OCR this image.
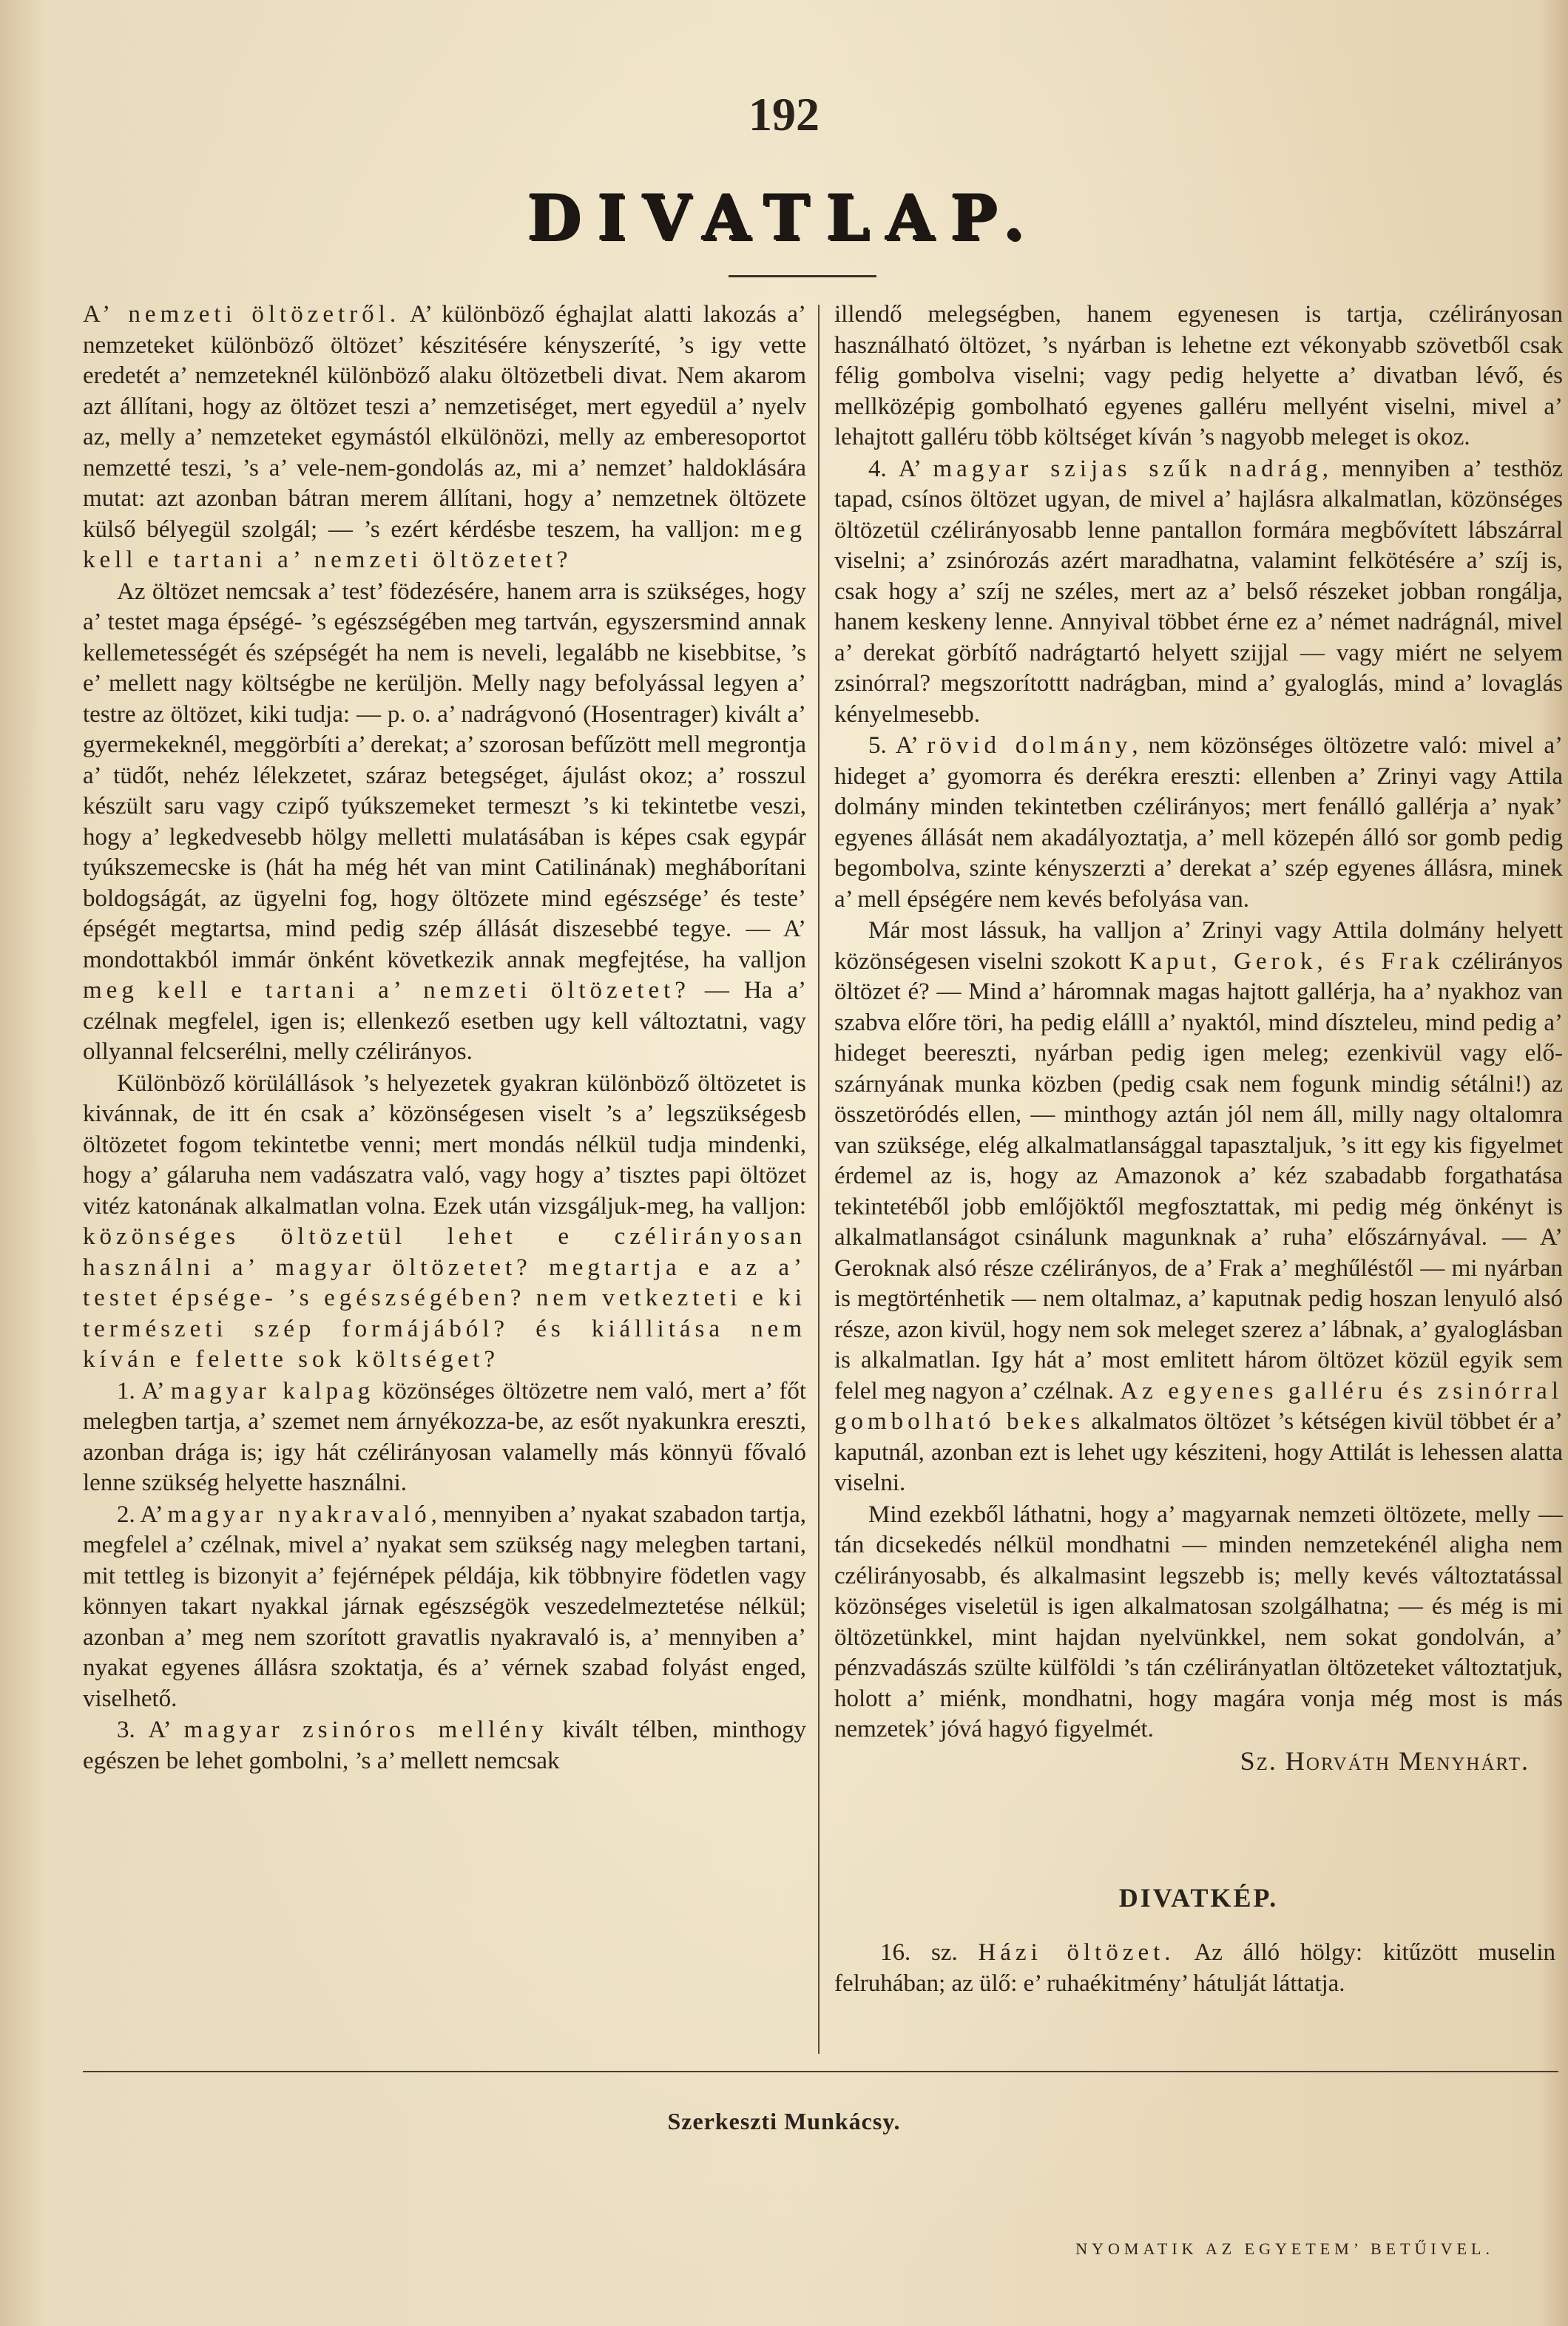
192
DIVATLAP.

A’ nemzeti öltözetről. A’ különböző éghajlat alatti lakozás a’ nemzeteket különböző öltözet’ készitésére kényszeríté, ’s igy vette eredetét a’ nemzeteknél különböző alaku öltözetbeli divat. Nem akarom azt állítani, hogy az öltözet teszi a’ nemzetiséget, mert egyedül a’ nyelv az, melly a’ nemzeteket egymástól elkülönözi, melly az emberesoportot nemzetté teszi, ’s a’ vele-nem-gondolás az, mi a’ nemzet’ haldoklására mutat: azt azonban bátran merem állítani, hogy a’ nemzetnek öltözete külső bélyegül szolgál; — ’s ezért kérdésbe teszem, ha valljon: meg kell e tartani a’ nemzeti öltözetet?

Az öltözet nemcsak a’ test’ födezésére, hanem arra is szükséges, hogy a’ testet maga épségé- ’s egészségében meg tartván, egyszersmind annak kellemetességét és szépségét ha nem is neveli, legalább ne kisebbitse, ’s e’ mellett nagy költségbe ne kerüljön. Melly nagy befolyással legyen a’ testre az öltözet, kiki tudja: — p. o. a’ nadrágvonó (Hosentrager) kivált a’ gyermekeknél, meggörbíti a’ derekat; a’ szorosan befűzött mell megrontja a’ tüdőt, nehéz lélekzetet, száraz betegséget, ájulást okoz; a’ rosszul készült saru vagy czipő tyúkszemeket termeszt ’s ki tekintetbe veszi, hogy a’ legkedvesebb hölgy melletti mulatásában is képes csak egypár tyúkszemecske is (hát ha még hét van mint Catilinának) megháborítani boldogságát, az ügyelni fog, hogy öltözete mind egészsége’ és teste’ épségét megtartsa, mind pedig szép állását diszesebbé tegye. — A’ mondottakból immár önként következik annak megfejtése, ha valljon meg kell e tartani a’ nemzeti öltözetet? — Ha a’ czélnak megfelel, igen is; ellenkező esetben ugy kell változtatni, vagy ollyannal felcserélni, melly czélirányos.

Különböző körülállások ’s helyezetek gyakran különböző öltözetet is kivánnak, de itt én csak a’ közönségesen viselt ’s a’ legszükségesb öltözetet fogom tekintetbe venni; mert mondás nélkül tudja mindenki, hogy a’ gálaruha nem vadászatra való, vagy hogy a’ tisztes papi öltözet vitéz katonának alkalmatlan volna. Ezek után vizsgáljuk-meg, ha valljon: közönséges öltözetül lehet e czélirányosan használni a’ magyar öltözetet? megtartja e az a’ testet épsége- ’s egészségében? nem vetkezteti e ki természeti szép formájából? és kiállitása nem kíván e felette sok költséget?

1. A’ magyar kalpag közönséges öltözetre nem való, mert a’ főt melegben tartja, a’ szemet nem árnyékozza-be, az esőt nyakunkra ereszti, azonban drága is; igy hát czélirányosan valamelly más könnyü fővaló lenne szükség helyette használni.

2. A’ magyar nyakravaló, mennyiben a’ nyakat szabadon tartja, megfelel a’ czélnak, mivel a’ nyakat sem szükség nagy melegben tartani, mit tettleg is bizonyit a’ fejérnépek példája, kik többnyire födetlen vagy könnyen takart nyakkal járnak egészségök veszedelmeztetése nélkül; azonban a’ meg nem szorított gravatlis nyakravaló is, a’ mennyiben a’ nyakat egyenes állásra szoktatja, és a’ vérnek szabad folyást enged, viselhető.

3. A’ magyar zsinóros mellény kivált télben, minthogy egészen be lehet gombolni, ’s a’ mellett nemcsak

illendő melegségben, hanem egyenesen is tartja, czélirányosan használható öltözet, ’s nyárban is lehetne ezt vékonyabb szövetből csak félig gombolva viselni; vagy pedig helyette a’ divatban lévő, és mellközépig gombolható egyenes galléru mellyént viselni, mivel a’ lehajtott galléru több költséget kíván ’s nagyobb meleget is okoz.

4. A’ magyar szijas szűk nadrág, mennyiben a’ testhöz tapad, csínos öltözet ugyan, de mivel a’ hajlásra alkalmatlan, közönséges öltözetül czélirányosabb lenne pantallon formára megbővített lábszárral viselni; a’ zsinórozás azért maradhatna, valamint felkötésére a’ szíj is, csak hogy a’ szíj ne széles, mert az a’ belső részeket jobban rongálja, hanem keskeny lenne. Annyival többet érne ez a’ német nadrágnál, mivel a’ derekat görbítő nadrágtartó helyett szijjal — vagy miért ne selyem zsinórral? megszorítottt nadrágban, mind a’ gyaloglás, mind a’ lovaglás kényelmesebb.

5. A’ rövid dolmány, nem közönséges öltözetre való: mivel a’ hideget a’ gyomorra és derékra ereszti: ellenben a’ Zrinyi vagy Attila dolmány minden tekintetben czélirányos; mert fenálló gallérja a’ nyak’ egyenes állását nem akadályoztatja, a’ mell közepén álló sor gomb pedig begombolva, szinte kényszerzti a’ derekat a’ szép egyenes állásra, minek a’ mell épségére nem kevés befolyása van.

Már most lássuk, ha valljon a’ Zrinyi vagy Attila dolmány helyett közönségesen viselni szokott Kaput, Gerok, és Frak czélirányos öltözet é? — Mind a’ háromnak magas hajtott gallérja, ha a’ nyakhoz van szabva előre töri, ha pedig elálll a’ nyaktól, mind díszteleu, mind pedig a’ hideget beereszti, nyárban pedig igen meleg; ezenkivül vagy elő-szárnyának munka közben (pedig csak nem fogunk mindig sétálni!) az összetöródés ellen, — minthogy aztán jól nem áll, milly nagy oltalomra van szüksége, elég alkalmatlansággal tapasztaljuk, ’s itt egy kis figyelmet érdemel az is, hogy az Amazonok a’ kéz szabadabb forgathatása tekintetéből jobb emlőjöktől megfosztattak, mi pedig még önkényt is alkalmatlanságot csinálunk magunknak a’ ruha’ előszárnyával. — A’ Geroknak alsó része czélirányos, de a’ Frak a’ meghűléstől — mi nyárban is megtörténhetik — nem oltalmaz, a’ kaputnak pedig hoszan lenyuló alsó része, azon kivül, hogy nem sok meleget szerez a’ lábnak, a’ gyaloglásban is alkalmatlan. Igy hát a’ most emlitett három öltözet közül egyik sem felel meg nagyon a’ czélnak. Az egyenes galléru és zsinórral gombolható bekes alkalmatos öltözet ’s kétségen kivül többet ér a’ kaputnál, azonban ezt is lehet ugy késziteni, hogy Attilát is lehessen alatta viselni.

Mind ezekből láthatni, hogy a’ magyarnak nemzeti öltözete, melly — tán dicsekedés nélkül mondhatni — minden nemzetekénél aligha nem czélirányosabb, és alkalmasint legszebb is; melly kevés változtatással közönséges viseletül is igen alkalmatosan szolgálhatna; — és még is mi öltözetünkkel, mint hajdan nyelvünkkel, nem sokat gondolván, a’ pénzvadászás szülte külföldi ’s tán czélirányatlan öltözeteket változtatjuk, holott a’ miénk, mondhatni, hogy magára vonja még most is más nemzetek’ jóvá hagyó figyelmét.

Sz. Horváth Menyhárt.
DIVATKÉP.
16. sz. Házi öltözet. Az álló hölgy: kitűzött muselin felruhában; az ülő: e’ ruhaékitmény’ hátulját láttatja.
Szerkeszti Munkácsy.
NYOMATIK AZ EGYETEM’ BETŰIVEL.
